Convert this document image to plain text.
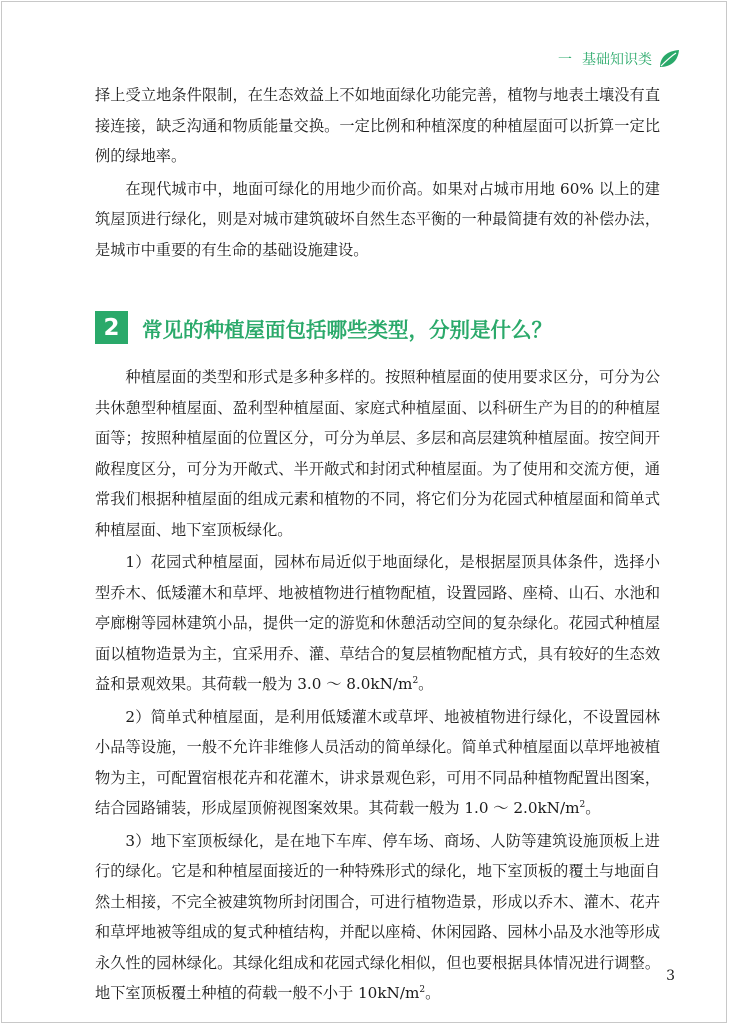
一 基础知识类

择上受立地条件限制，在生态效益上不如地面绿化功能完善，植物与地表土壤没有直接连接，缺乏沟通和物质能量交换。一定比例和种植深度的种植屋面可以折算一定比例的绿地率。

在现代城市中，地面可绿化的用地少而价高。如果对占城市用地 60% 以上的建筑屋顶进行绿化，则是对城市建筑破坏自然生态平衡的一种最简捷有效的补偿办法，是城市中重要的有生命的基础设施建设。

2	常见的种植屋面包括哪些类型，分别是什么？

种植屋面的类型和形式是多种多样的。按照种植屋面的使用要求区分，可分为公共休憩型种植屋面、盈利型种植屋面、家庭式种植屋面、以科研生产为目的的种植屋面等；按照种植屋面的位置区分，可分为单层、多层和高层建筑种植屋面。按空间开敞程度区分，可分为开敞式、半开敞式和封闭式种植屋面。为了使用和交流方便，通常我们根据种植屋面的组成元素和植物的不同，将它们分为花园式种植屋面和简单式种植屋面、地下室顶板绿化。

1）花园式种植屋面，园林布局近似于地面绿化，是根据屋顶具体条件，选择小型乔木、低矮灌木和草坪、地被植物进行植物配植，设置园路、座椅、山石、水池和亭廊榭等园林建筑小品，提供一定的游览和休憩活动空间的复杂绿化。花园式种植屋面以植物造景为主，宜采用乔、灌、草结合的复层植物配植方式，具有较好的生态效益和景观效果。其荷载一般为 3.0 ～ $8.0kN/m^2$。

2）简单式种植屋面，是利用低矮灌木或草坪、地被植物进行绿化，不设置园林小品等设施，一般不允许非维修人员活动的简单绿化。简单式种植屋面以草坪地被植物为主，可配置宿根花卉和花灌木，讲求景观色彩，可用不同品种植物配置出图案，结合园路铺装，形成屋顶俯视图案效果。其荷载一般为 1.0 ～ $2.0kN/m^2$。

3）地下室顶板绿化，是在地下车库、停车场、商场、人防等建筑设施顶板上进行的绿化。它是和种植屋面接近的一种特殊形式的绿化，地下室顶板的覆土与地面自然土相接，不完全被建筑物所封闭围合，可进行植物造景，形成以乔木、灌木、花卉和草坪地被等组成的复式种植结构，并配以座椅、休闲园路、园林小品及水池等形成永久性的园林绿化。其绿化组成和花园式绿化相似，但也要根据具体情况进行调整。地下室顶板覆土种植的荷载一般不小于 $10kN/m^2$。

3
